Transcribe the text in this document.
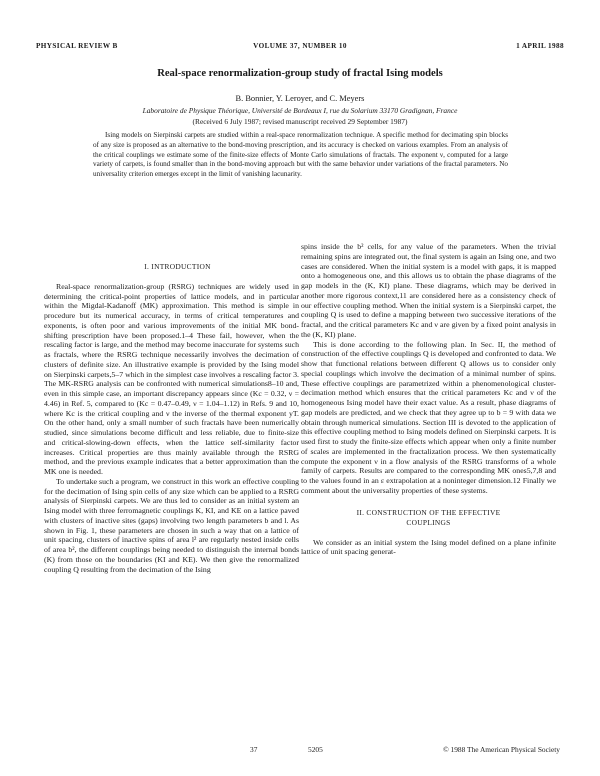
PHYSICAL REVIEW B	VOLUME 37, NUMBER 10	1 APRIL 1988
Real-space renormalization-group study of fractal Ising models
B. Bonnier, Y. Leroyer, and C. Meyers
Laboratoire de Physique Théorique, Université de Bordeaux I, rue du Solarium 33170 Gradignan, France
(Received 6 July 1987; revised manuscript received 29 September 1987)
Ising models on Sierpinski carpets are studied within a real-space renormalization technique. A specific method for decimating spin blocks of any size is proposed as an alternative to the bond-moving prescription, and its accuracy is checked on various examples. From an analysis of the critical couplings we estimate some of the finite-size effects of Monte Carlo simulations of fractals. The exponent ν, computed for a large variety of carpets, is found smaller than in the bond-moving approach but with the same behavior under variations of the fractal parameters. No universality criterion emerges except in the limit of vanishing lacunarity.

I. INTRODUCTION

Real-space renormalization-group (RSRG) techniques are widely used in determining the critical-point properties of lattice models, and in particular within the Migdal-Kadanoff (MK) approximation. This method is simple in procedure but its numerical accuracy, in terms of critical temperatures and exponents, is often poor and various improvements of the initial MK bond-shifting prescription have been proposed.1–4 These fail, however, when the rescaling factor is large, and the method may become inaccurate for systems such as fractals, where the RSRG technique necessarily involves the decimation of clusters of definite size. An illustrative example is provided by the Ising model on Sierpinski carpets,5–7 which in the simplest case involves a rescaling factor 3. The MK-RSRG analysis can be confronted with numerical simulations8–10 and, even in this simple case, an important discrepancy appears since (Kc = 0.32, ν = 4.46) in Ref. 5, compared to (Kc = 0.47–0.49, ν = 1.04–1.12) in Refs. 9 and 10, where Kc is the critical coupling and ν the inverse of the thermal exponent yT. On the other hand, only a small number of such fractals have been numerically studied, since simulations become difficult and less reliable, due to finite-size and critical-slowing-down effects, when the lattice self-similarity factor increases. Critical properties are thus mainly available through the RSRG method, and the previous example indicates that a better approximation than the MK one is needed.

To undertake such a program, we construct in this work an effective coupling for the decimation of Ising spin cells of any size which can be applied to a RSRG analysis of Sierpinski carpets. We are thus led to consider as an initial system an Ising model with three ferromagnetic couplings K, KI, and KE on a lattice paved with clusters of inactive sites (gaps) involving two length parameters b and l. As shown in Fig. 1, these parameters are chosen in such a way that on a lattice of unit spacing, clusters of inactive spins of area l² are regularly nested inside cells of area b², the different couplings being needed to distinguish the internal bonds (K) from those on the boundaries (KI and KE). We then give the renormalized coupling Q resulting from the decimation of the Ising

spins inside the b² cells, for any value of the parameters. When the trivial remaining spins are integrated out, the final system is again an Ising one, and two cases are considered. When the initial system is a model with gaps, it is mapped onto a homogeneous one, and this allows us to obtain the phase diagrams of the gap models in the (K, KI) plane. These diagrams, which may be derived in another more rigorous context,11 are considered here as a consistency check of our effective coupling method. When the initial system is a Sierpinski carpet, the coupling Q is used to define a mapping between two successive iterations of the fractal, and the critical parameters Kc and ν are given by a fixed point analysis in the (K, KI) plane.

This is done according to the following plan. In Sec. II, the method of construction of the effective couplings Q is developed and confronted to data. We show that functional relations between different Q allows us to consider only special couplings which involve the decimation of a minimal number of spins. These effective couplings are parametrized within a phenomenological cluster-decimation method which ensures that the critical parameters Kc and ν of the homogeneous Ising model have their exact value. As a result, phase diagrams of gap models are predicted, and we check that they agree up to b = 9 with data we obtain through numerical simulations. Section III is devoted to the application of this effective coupling method to Ising models defined on Sierpinski carpets. It is used first to study the finite-size effects which appear when only a finite number of scales are implemented in the fractalization process. We then systematically compute the exponent ν in a flow analysis of the RSRG transforms of a whole family of carpets. Results are compared to the corresponding MK ones5,7,8 and to the values found in an ε extrapolation at a noninteger dimension.12 Finally we comment about the universality properties of these systems.

II. CONSTRUCTION OF THE EFFECTIVE
COUPLINGS

We consider as an initial system the Ising model defined on a plane infinite lattice of unit spacing generat-

37	5205	© 1988 The American Physical Society
